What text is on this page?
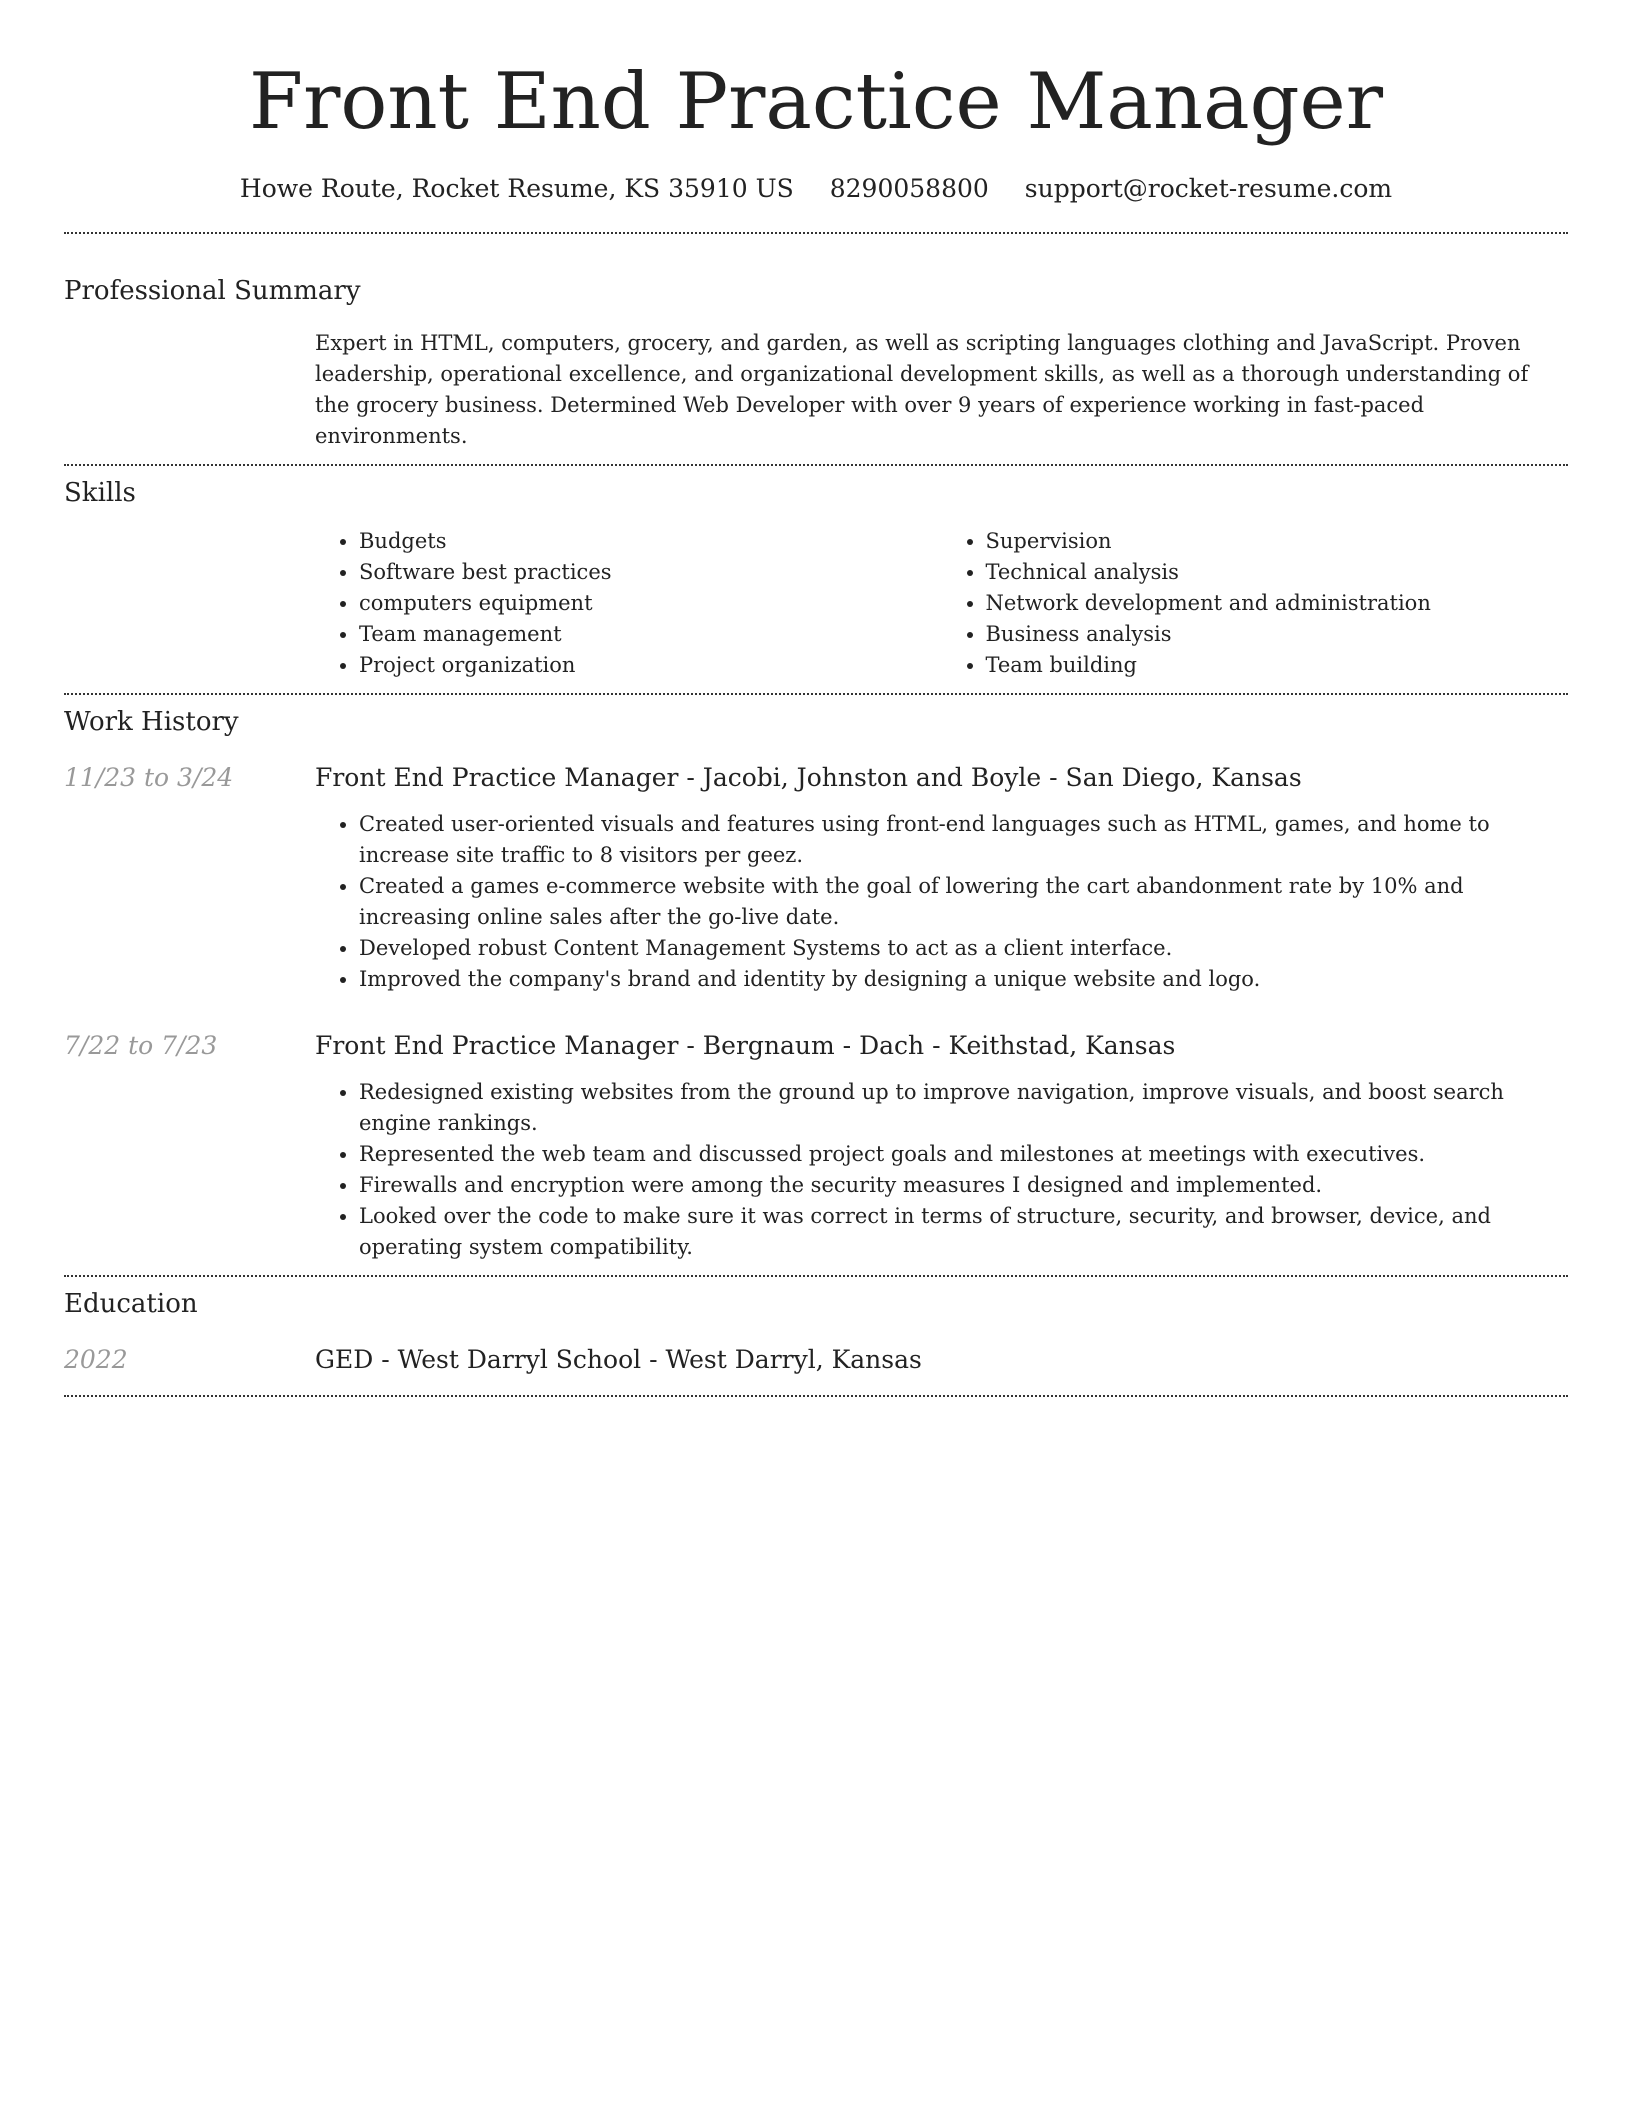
Front End Practice Manager
Howe Route, Rocket Resume, KS 35910 US 8290058800 support@rocket-resume.com
Professional Summary

Expert in HTML, computers, grocery, and garden, as well as scripting languages clothing and JavaScript. Proven leadership, operational excellence, and organizational development skills, as well as a thorough understanding of the grocery business. Determined Web Developer with over 9 years of experience working in fast-paced environments.

Skills
• Budgets
• Software best practices
• computers equipment
• Team management
• Project organization
• Supervision
• Technical analysis
• Network development and administration
• Business analysis
• Team building
Work History
11/23 to 3/24	Front End Practice Manager - Jacobi, Johnston and Boyle - San Diego, Kansas
• Created user-oriented visuals and features using front-end languages such as HTML, games, and home to increase site traffic to 8 visitors per geez.
• Created a games e-commerce website with the goal of lowering the cart abandonment rate by 10% and increasing online sales after the go-live date.
• Developed robust Content Management Systems to act as a client interface.
• Improved the company's brand and identity by designing a unique website and logo.
7/22 to 7/23	Front End Practice Manager - Bergnaum - Dach - Keithstad, Kansas
• Redesigned existing websites from the ground up to improve navigation, improve visuals, and boost search engine rankings.
• Represented the web team and discussed project goals and milestones at meetings with executives.
• Firewalls and encryption were among the security measures I designed and implemented.
• Looked over the code to make sure it was correct in terms of structure, security, and browser, device, and operating system compatibility.
Education
2022	GED - West Darryl School - West Darryl, Kansas
